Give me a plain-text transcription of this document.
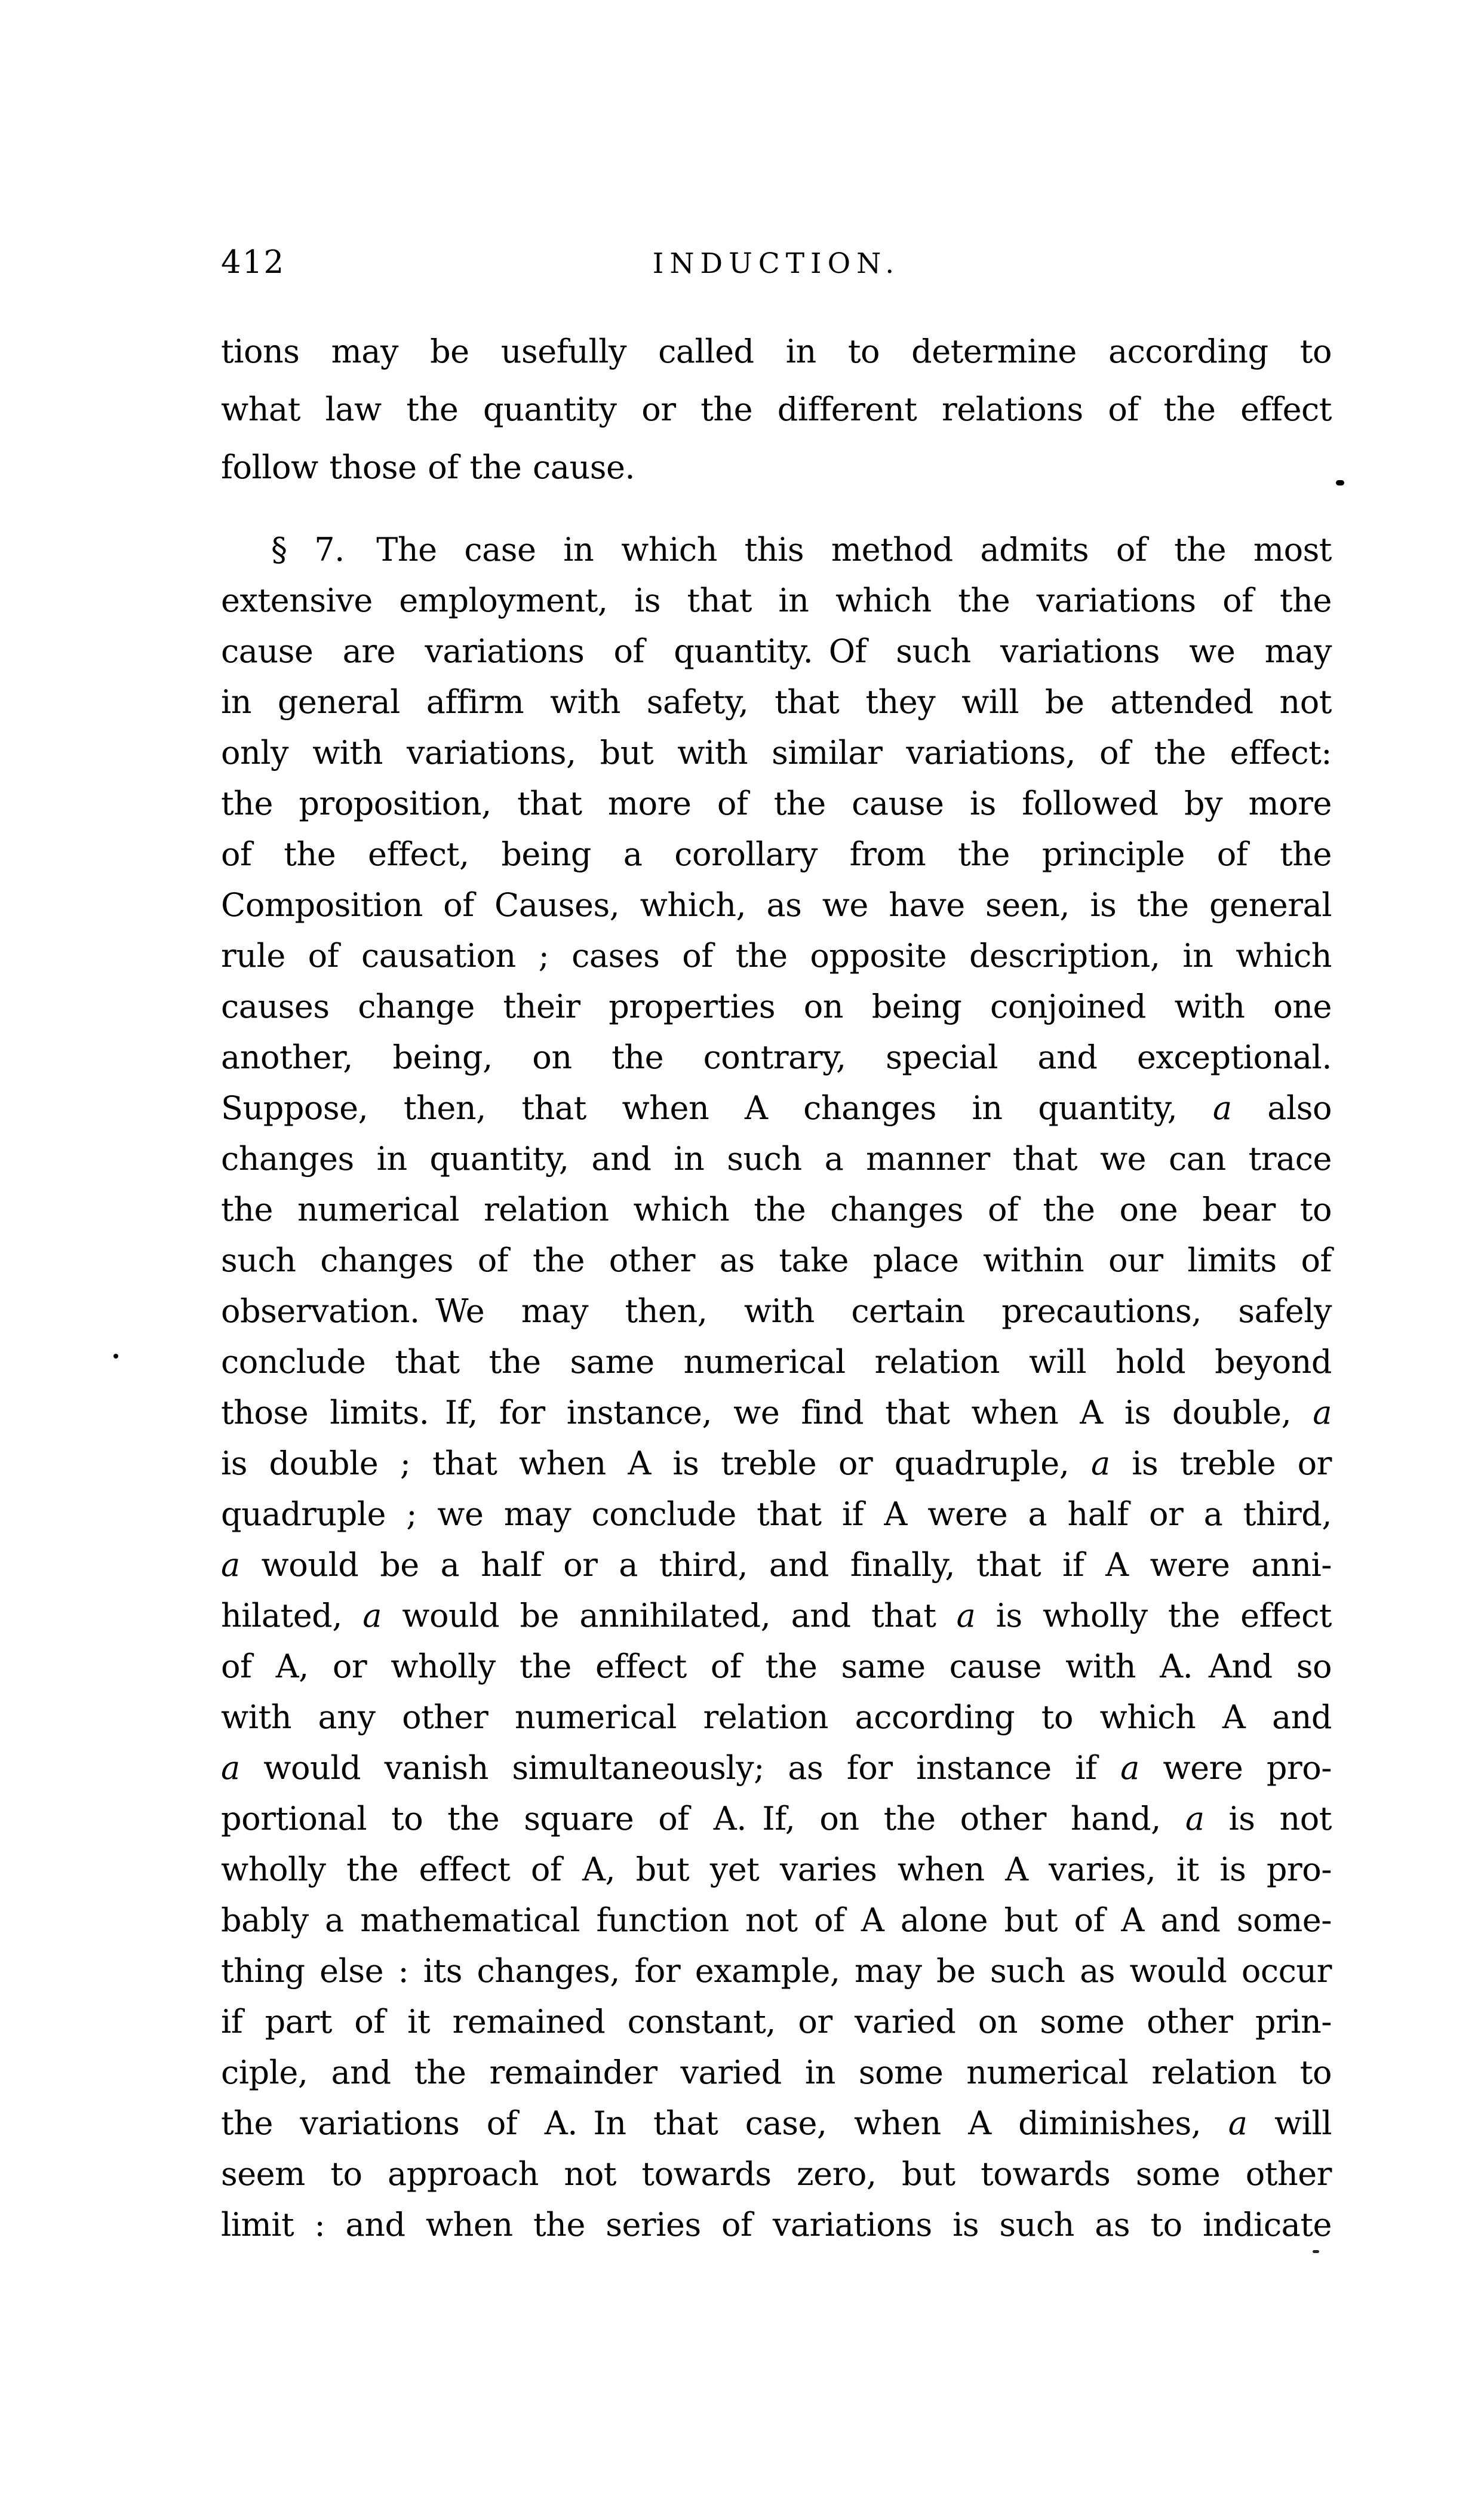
412	INDUCTION.
tions may be usefully called in to determine according to
what law the quantity or the different relations of the effect
follow those of the cause.
§ 7. The case in which this method admits of the most
extensive employment, is that in which the variations of the
cause are variations of quantity. Of such variations we may
in general affirm with safety, that they will be attended not
only with variations, but with similar variations, of the effect:
the proposition, that more of the cause is followed by more
of the effect, being a corollary from the principle of the
Composition of Causes, which, as we have seen, is the general
rule of causation ; cases of the opposite description, in which
causes change their properties on being conjoined with one
another, being, on the contrary, special and exceptional.
Suppose, then, that when A changes in quantity, a also
changes in quantity, and in such a manner that we can trace
the numerical relation which the changes of the one bear to
such changes of the other as take place within our limits of
observation. We may then, with certain precautions, safely
conclude that the same numerical relation will hold beyond
those limits. If, for instance, we find that when A is double, a
is double ; that when A is treble or quadruple, a is treble or
quadruple ; we may conclude that if A were a half or a third,
a would be a half or a third, and finally, that if A were anni-
hilated, a would be annihilated, and that a is wholly the effect
of A, or wholly the effect of the same cause with A. And so
with any other numerical relation according to which A and
a would vanish simultaneously; as for instance if a were pro-
portional to the square of A. If, on the other hand, a is not
wholly the effect of A, but yet varies when A varies, it is pro-
bably a mathematical function not of A alone but of A and some-
thing else : its changes, for example, may be such as would occur
if part of it remained constant, or varied on some other prin-
ciple, and the remainder varied in some numerical relation to
the variations of A. In that case, when A diminishes, a will
seem to approach not towards zero, but towards some other
limit : and when the series of variations is such as to indicate
